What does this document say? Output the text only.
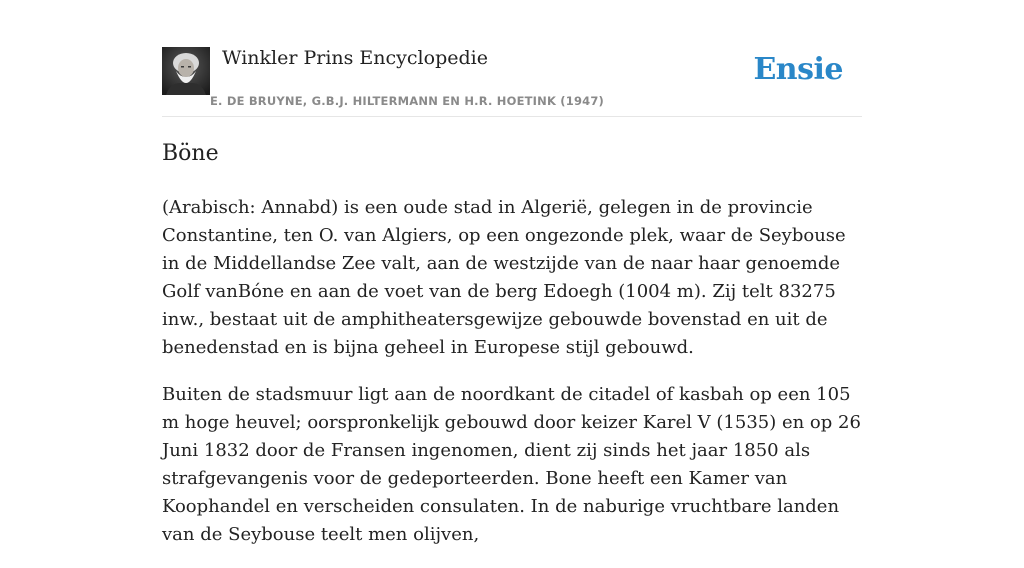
Winkler Prins Encyclopedie
E. DE BRUYNE, G.B.J. HILTERMANN EN H.R. HOETINK (1947)
Ensie
Böne

(Arabisch: Annabd) is een oude stad in Algerië, gelegen in de provincie Constantine, ten O. van Algiers, op een ongezonde plek, waar de Seybouse in de Middellandse Zee valt, aan de westzijde van de naar haar genoemde Golf vanBóne en aan de voet van de berg Edoegh (1004 m). Zij telt 83275 inw., bestaat uit de amphitheatersgewijze gebouwde bovenstad en uit de benedenstad en is bijna geheel in Europese stijl gebouwd.

Buiten de stadsmuur ligt aan de noordkant de citadel of kasbah op een 105 m hoge heuvel; oorspronkelijk gebouwd door keizer Karel V (1535) en op 26 Juni 1832 door de Fransen ingenomen, dient zij sinds het jaar 1850 als strafgevangenis voor de gedeporteerden. Bone heeft een Kamer van Koophandel en verscheiden consulaten. In de naburige vruchtbare landen van de Seybouse teelt men olijven,
